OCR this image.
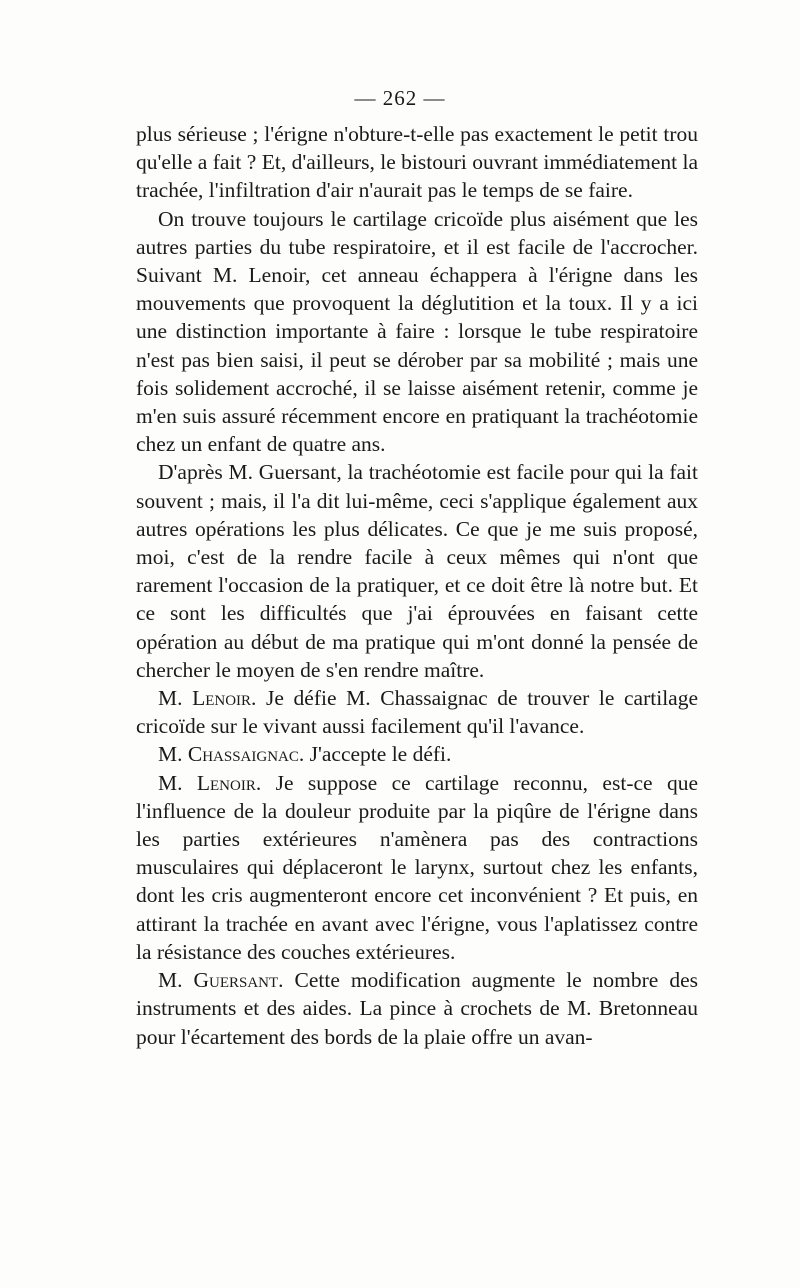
— 262 —

plus sérieuse ; l'érigne n'obture-t-elle pas exactement le petit trou qu'elle a fait ? Et, d'ailleurs, le bistouri ouvrant immédiatement la trachée, l'infiltration d'air n'aurait pas le temps de se faire.

On trouve toujours le cartilage cricoïde plus aisément que les autres parties du tube respiratoire, et il est facile de l'accrocher. Suivant M. Lenoir, cet anneau échappera à l'érigne dans les mouvements que provoquent la déglutition et la toux. Il y a ici une distinction importante à faire : lorsque le tube respiratoire n'est pas bien saisi, il peut se dérober par sa mobilité ; mais une fois solidement accroché, il se laisse aisément retenir, comme je m'en suis assuré récemment encore en pratiquant la trachéotomie chez un enfant de quatre ans.

D'après M. Guersant, la trachéotomie est facile pour qui la fait souvent ; mais, il l'a dit lui-même, ceci s'applique également aux autres opérations les plus délicates. Ce que je me suis proposé, moi, c'est de la rendre facile à ceux mêmes qui n'ont que rarement l'occasion de la pratiquer, et ce doit être là notre but. Et ce sont les difficultés que j'ai éprouvées en faisant cette opération au début de ma pratique qui m'ont donné la pensée de chercher le moyen de s'en rendre maître.

M. Lenoir. Je défie M. Chassaignac de trouver le cartilage cricoïde sur le vivant aussi facilement qu'il l'avance.

M. Chassaignac. J'accepte le défi.

M. Lenoir. Je suppose ce cartilage reconnu, est-ce que l'influence de la douleur produite par la piqûre de l'érigne dans les parties extérieures n'amènera pas des contractions musculaires qui déplaceront le larynx, surtout chez les enfants, dont les cris augmenteront encore cet inconvénient ? Et puis, en attirant la trachée en avant avec l'érigne, vous l'aplatissez contre la résistance des couches extérieures.

M. Guersant. Cette modification augmente le nombre des instruments et des aides. La pince à crochets de M. Bretonneau pour l'écartement des bords de la plaie offre un avan-
